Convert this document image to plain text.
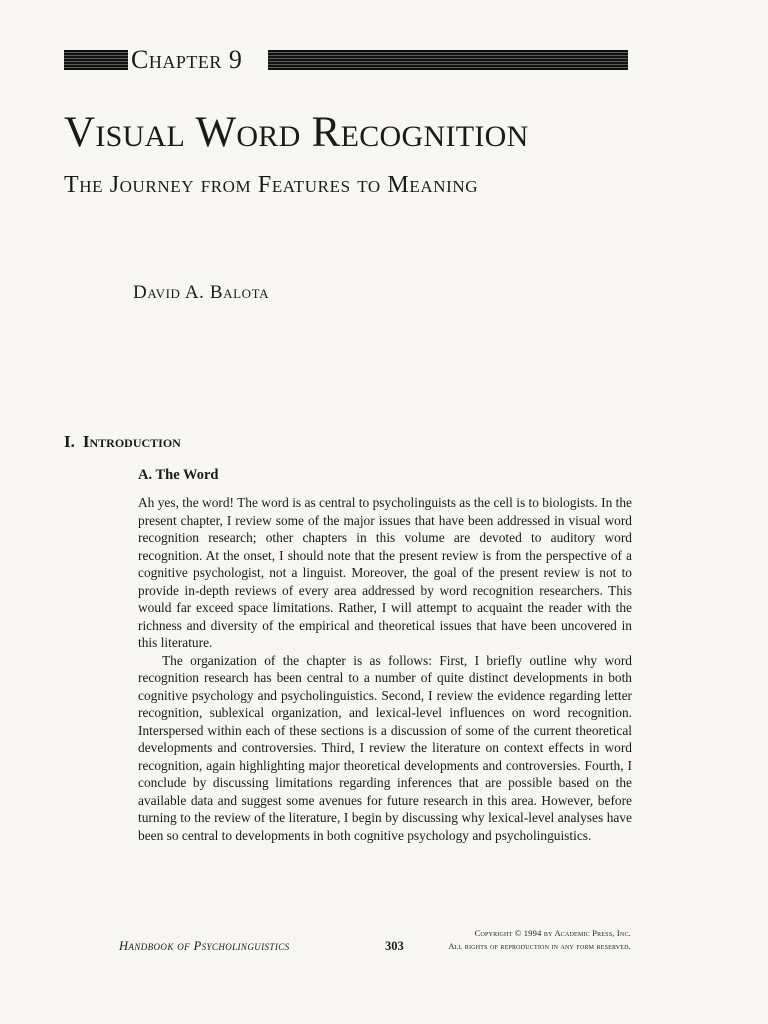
Chapter 9
Visual Word Recognition
The Journey from Features to Meaning
David A. Balota
I. Introduction
A. The Word

Ah yes, the word! The word is as central to psycholinguists as the cell is to biologists. In the present chapter, I review some of the major issues that have been addressed in visual word recognition research; other chapters in this volume are devoted to auditory word recognition. At the onset, I should note that the present review is from the perspective of a cognitive psychologist, not a linguist. Moreover, the goal of the present review is not to provide in-depth reviews of every area addressed by word recognition researchers. This would far exceed space limitations. Rather, I will attempt to acquaint the reader with the richness and diversity of the empirical and theoretical issues that have been uncovered in this literature.

The organization of the chapter is as follows: First, I briefly outline why word recognition research has been central to a number of quite distinct developments in both cognitive psychology and psycholinguistics. Second, I review the evidence regarding letter recognition, sublexical organization, and lexical-level influences on word recognition. Interspersed within each of these sections is a discussion of some of the current theoretical developments and controversies. Third, I review the literature on context effects in word recognition, again highlighting major theoretical developments and controversies. Fourth, I conclude by discussing limitations regarding inferences that are possible based on the available data and suggest some avenues for future research in this area. However, before turning to the review of the literature, I begin by discussing why lexical-level analyses have been so central to developments in both cognitive psychology and psycholinguistics.

Handbook of Psycholinguistics	303
Copyright © 1994 by Academic Press, Inc.
All rights of reproduction in any form reserved.
